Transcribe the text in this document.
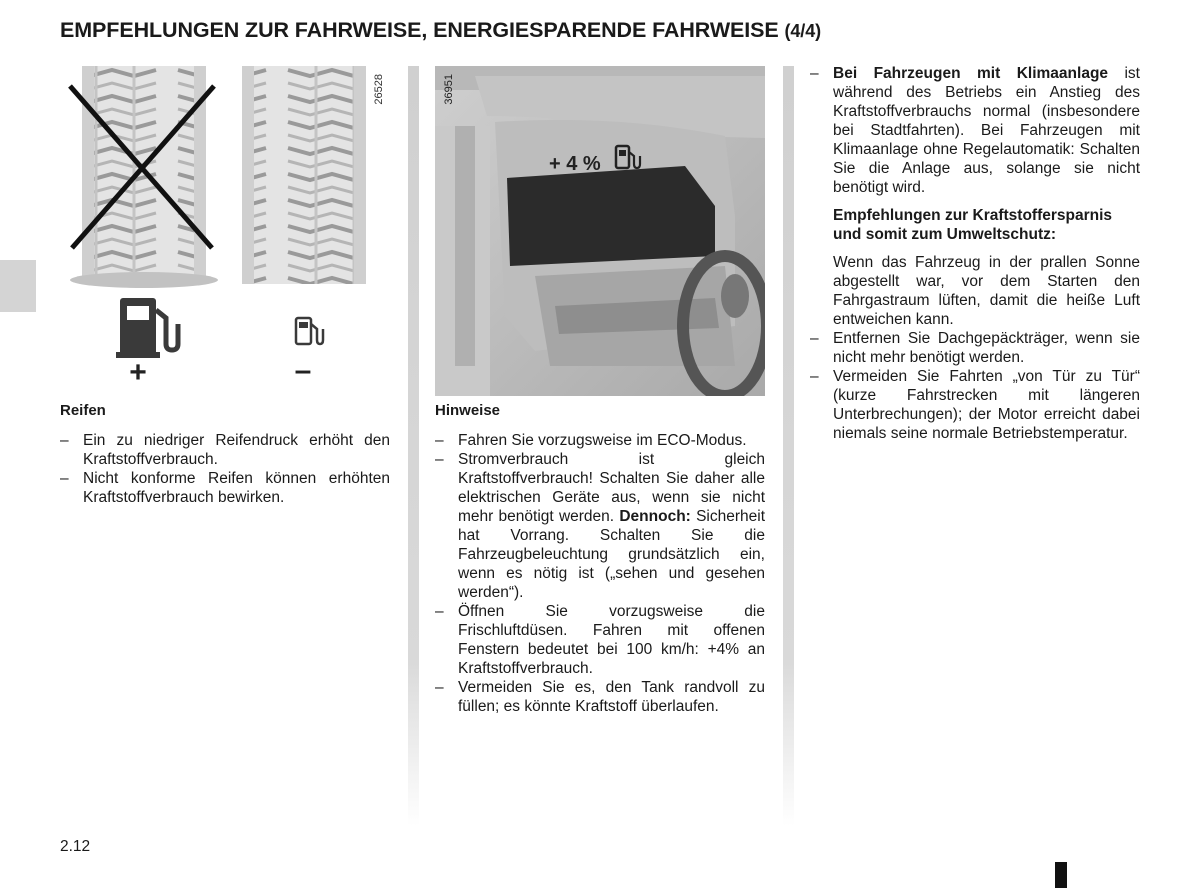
EMPFEHLUNGEN ZUR FAHRWEISE, ENERGIESPARENDE FAHRWEISE (4/4)
26528
+	–
36951
+ 4 %
Reifen
– Ein zu niedriger Reifendruck erhöht den Kraftstoffverbrauch.
– Nicht konforme Reifen können erhöhten Kraftstoffverbrauch bewirken.
Hinweise
– Fahren Sie vorzugsweise im ECO-Modus.
– Stromverbrauch ist gleich Kraftstoffverbrauch! Schalten Sie daher alle elektrischen Geräte aus, wenn sie nicht mehr benötigt werden. Dennoch: Sicherheit hat Vorrang. Schalten Sie die Fahrzeugbeleuchtung grundsätzlich ein, wenn es nötig ist („sehen und gesehen werden“).
– Öffnen Sie vorzugsweise die Frischluftdüsen. Fahren mit offenen Fenstern bedeutet bei 100 km/h: +4% an Kraftstoffverbrauch.
– Vermeiden Sie es, den Tank randvoll zu füllen; es könnte Kraftstoff überlaufen.
– Bei Fahrzeugen mit Klimaanlage ist während des Betriebs ein Anstieg des Kraftstoffverbrauchs normal (insbesondere bei Stadtfahrten). Bei Fahrzeugen mit Klimaanlage ohne Regelautomatik: Schalten Sie die Anlage aus, solange sie nicht benötigt wird.
Empfehlungen zur Kraftstoffersparnis und somit zum Umweltschutz:
Wenn das Fahrzeug in der prallen Sonne abgestellt war, vor dem Starten den Fahrgastraum lüften, damit die heiße Luft entweichen kann.
– Entfernen Sie Dachgepäckträger, wenn sie nicht mehr benötigt werden.
– Vermeiden Sie Fahrten „von Tür zu Tür“ (kurze Fahrstrecken mit längeren Unterbrechungen); der Motor erreicht dabei niemals seine normale Betriebstemperatur.
2.12
